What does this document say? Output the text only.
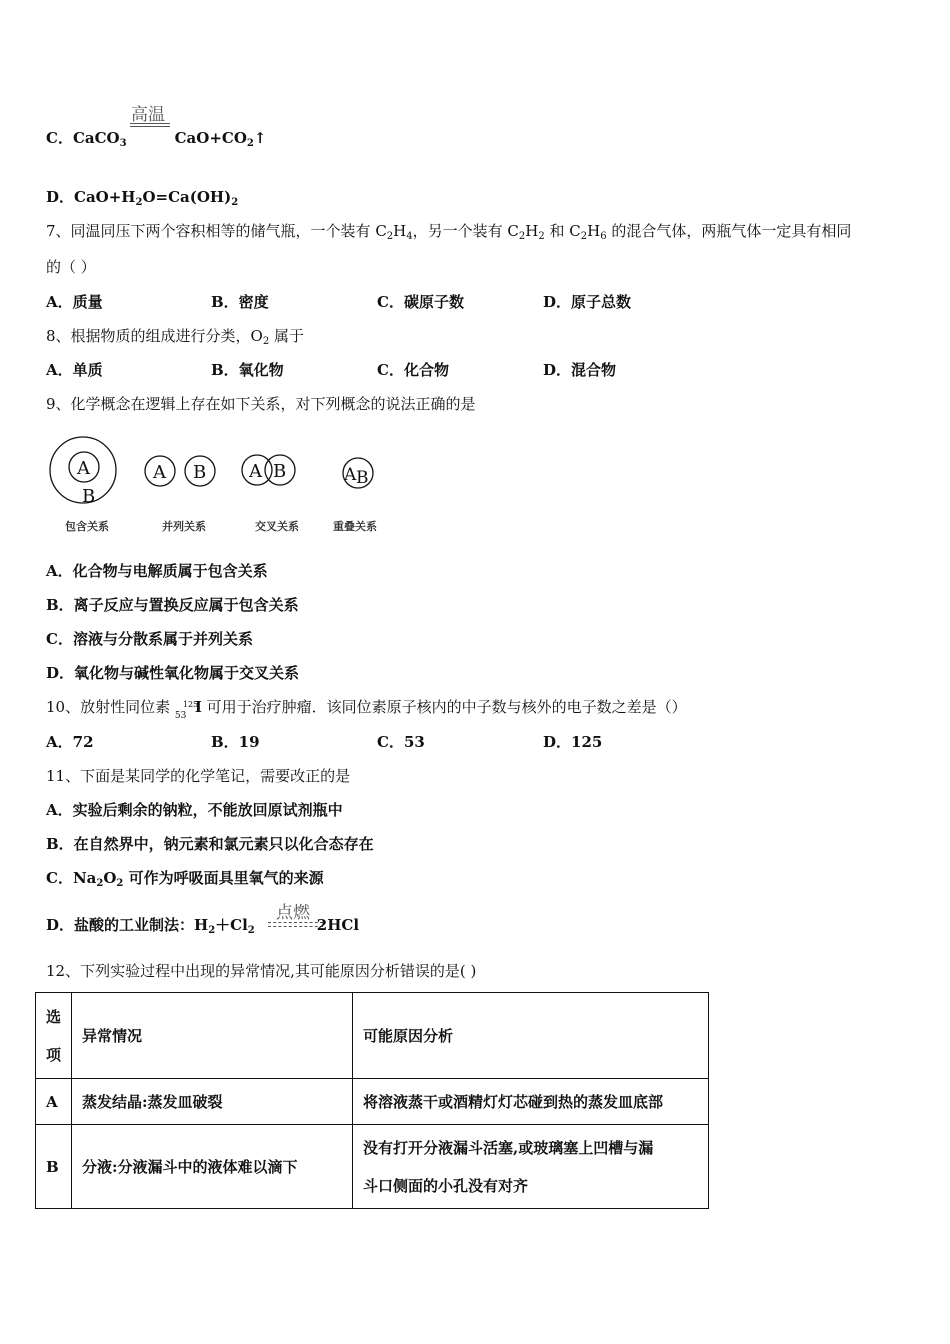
高温
C．CaCO$_3$	$CaO+CO_2↑$
D．$CaO+H_2O=Ca(OH)_2$
7、同温同压下两个容积相等的储气瓶，一个装有 $C_2H_4$，另一个装有 $C_2H_2$ 和 $C_2H_6$ 的混合气体，两瓶气体一定具有相同
的（ ）
A．质量	B．密度	C．碳原子数	D．原子总数
8、根据物质的组成进行分类，$O_2$ 属于
A．单质	B．氧化物	C．化合物	D．混合物
9、化学概念在逻辑上存在如下关系，对下列概念的说法正确的是
A
B
A B A B	A B
包含关系	并列关系	交叉关系	重叠关系
A．化合物与电解质属于包含关系
B．离子反应与置换反应属于包含关系
C．溶液与分散系属于并列关系
D．氧化物与碱性氧化物属于交叉关系
10、放射性同位素 125
53 I 可用于治疗肿瘤．该同位素原子核内的中子数与核外的电子数之差是（）
A．72	B．19	C．53	D．125
11、下面是某同学的化学笔记，需要改正的是
A．实验后剩余的钠粒，不能放回原试剂瓶中
B．在自然界中，钠元素和氯元素只以化合态存在
C．$Na_2O_2$ 可作为呼吸面具里氧气的来源
点燃
D．盐酸的工业制法：$H_2+Cl_2$	2HCl
12、下列实验过程中出现的异常情况,其可能原因分析错误的是( )
选
项	异常情况	可能原因分析
A	蒸发结晶:蒸发皿破裂	将溶液蒸干或酒精灯灯芯碰到热的蒸发皿底部
B	分液:分液漏斗中的液体难以滴下	没有打开分液漏斗活塞,或玻璃塞上凹槽与漏
斗口侧面的小孔没有对齐
